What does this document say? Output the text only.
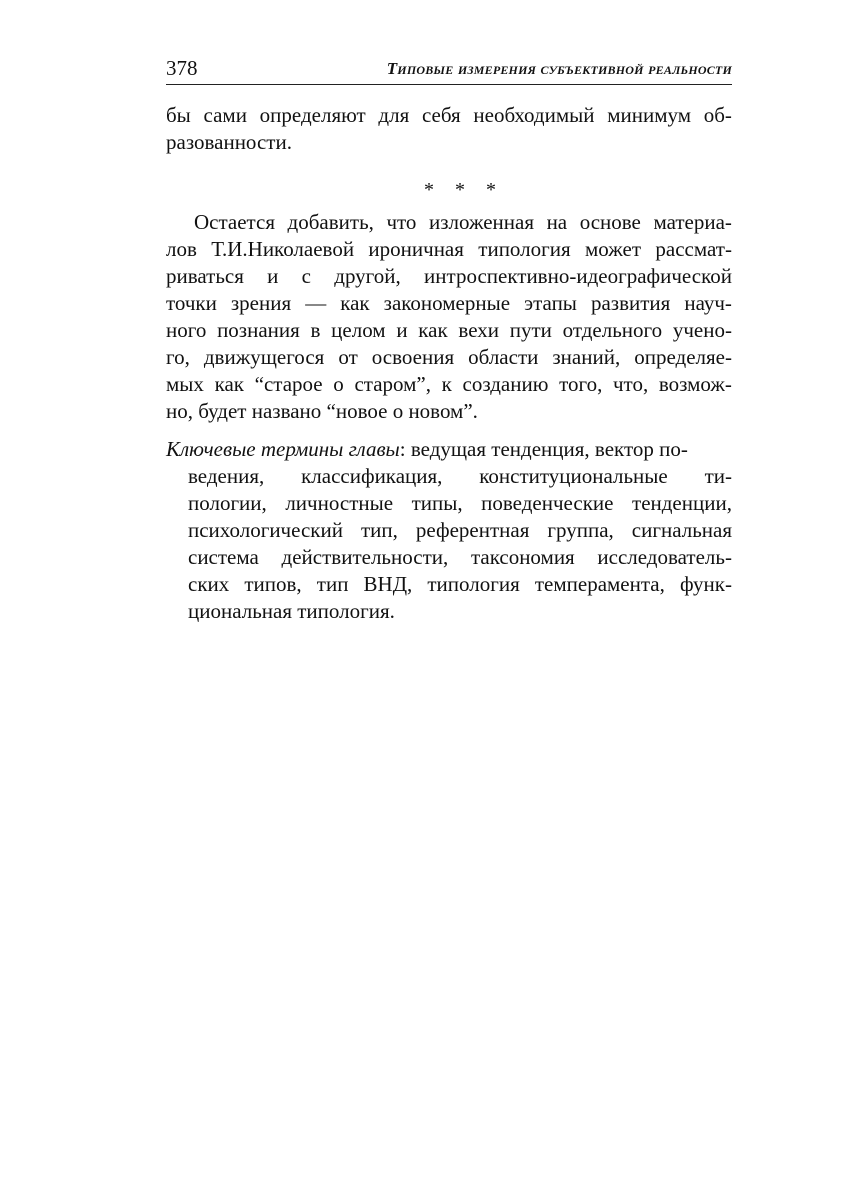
378	Типовые измерения субъективной реальности
бы сами определяют для себя необходимый минимум об-
разованности.
* * *
Остается добавить, что изложенная на основе материа-
лов Т.И.Николаевой ироничная типология может рассмат-
риваться и с другой, интроспективно-идеографической
точки зрения — как закономерные этапы развития науч-
ного познания в целом и как вехи пути отдельного учено-
го, движущегося от освоения области знаний, определяе-
мых как “старое о старом”, к созданию того, что, возмож-
но, будет названо “новое о новом”.
Ключевые термины главы : ведущая тенденция, вектор по-
ведения, классификация, конституциональные ти-
пологии, личностные типы, поведенческие тенденции,
психологический тип, референтная группа, сигнальная
система действительности, таксономия исследователь-
ских типов, тип ВНД, типология темперамента, функ-
циональная типология.
